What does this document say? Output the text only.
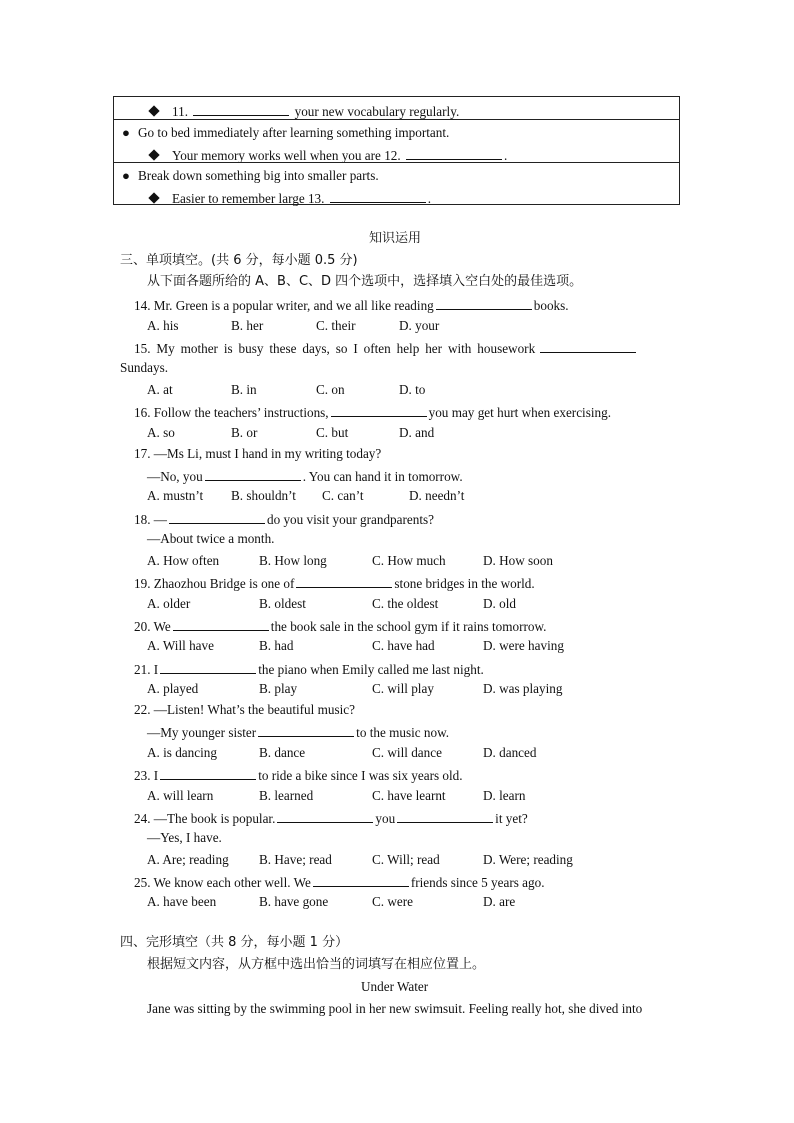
11.	your new vocabulary regularly.
● Go to bed immediately after learning something important.
Your memory works well when you are 12.	.
● Break down something big into smaller parts.
Easier to remember large 13.	.
知识运用
三、单项填空。(共 6 分，每小题 0.5 分)
从下面各题所给的 A、B、C、D 四个选项中，选择填入空白处的最佳选项。
14. Mr. Green is a popular writer, and we all like reading	books.
A. his	B. her	C. their	D. your
15. My mother is busy these days, so I often help her with housework
Sundays.
A. at	B. in	C. on	D. to
16. Follow the teachers’ instructions,	you may get hurt when exercising.
A. so	B. or	C. but	D. and
17. —Ms Li, must I hand in my writing today?
—No, you	. You can hand it in tomorrow.
A. mustn’t B. shouldn’t C. can’t	D. needn’t
18. —	do you visit your grandparents?
—About twice a month.
A. How often	B. How long	C. How much	D. How soon
19. Zhaozhou Bridge is one of	stone bridges in the world.
A. older	B. oldest	C. the oldest	D. old
20. We	the book sale in the school gym if it rains tomorrow.
A. Will have	B. had	C. have had	D. were having
21. I	the piano when Emily called me last night.
A. played	B. play	C. will play	D. was playing
22. —Listen! What’s the beautiful music?
—My younger sister	to the music now.
A. is dancing	B. dance	C. will dance	D. danced
23. I	to ride a bike since I was six years old.
A. will learn	B. learned	C. have learnt	D. learn
24. —The book is popular.	you	it yet?
—Yes, I have.
A. Are; reading B. Have; read	C. Will; read	D. Were; reading
25. We know each other well. We	friends since 5 years ago.
A. have been	B. have gone	C. were	D. are
四、完形填空（共 8 分，每小题 1 分）
根据短文内容，从方框中选出恰当的词填写在相应位置上。
Under Water
Jane was sitting by the swimming pool in her new swimsuit. Feeling really hot, she dived into
